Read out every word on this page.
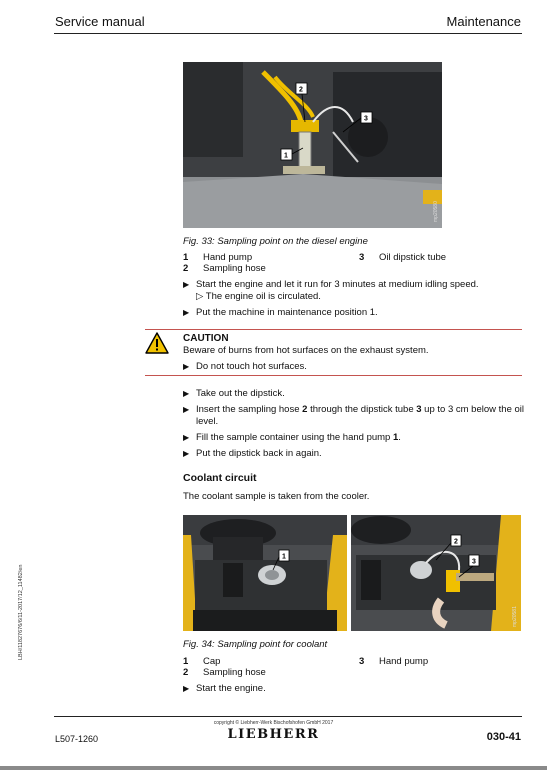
Service manual	Maintenance
1
2
3
mp20580
Fig. 33: Sampling point on the diesel engine
1 Hand pump
2 Sampling hose
3 Oil dipstick tube
▶ Start the engine and let it run for 3 minutes at medium idling speed.
▷ The engine oil is circulated.
▶ Put the machine in maintenance position 1.
CAUTION
Beware of burns from hot surfaces on the exhaust system.
▶ Do not touch hot surfaces.
▶ Take out the dipstick.
▶ Insert the sampling hose 2 through the dipstick tube 3 up to 3 cm below the oil
level.
▶ Fill the sample container using the hand pump 1.
▶ Put the dipstick back in again.
Coolant circuit
The coolant sample is taken from the cooler.
1
2
3
mp20581
Fig. 34: Sampling point for coolant
1 Cap
2 Sampling hose
3 Hand pump
▶ Start the engine.
LBH/11827676/6/11-2017/12_11482/en
copyright © Liebherr-Werk Bischofshofen GmbH 2017
LIEBHERR
L507-1260	030-41
